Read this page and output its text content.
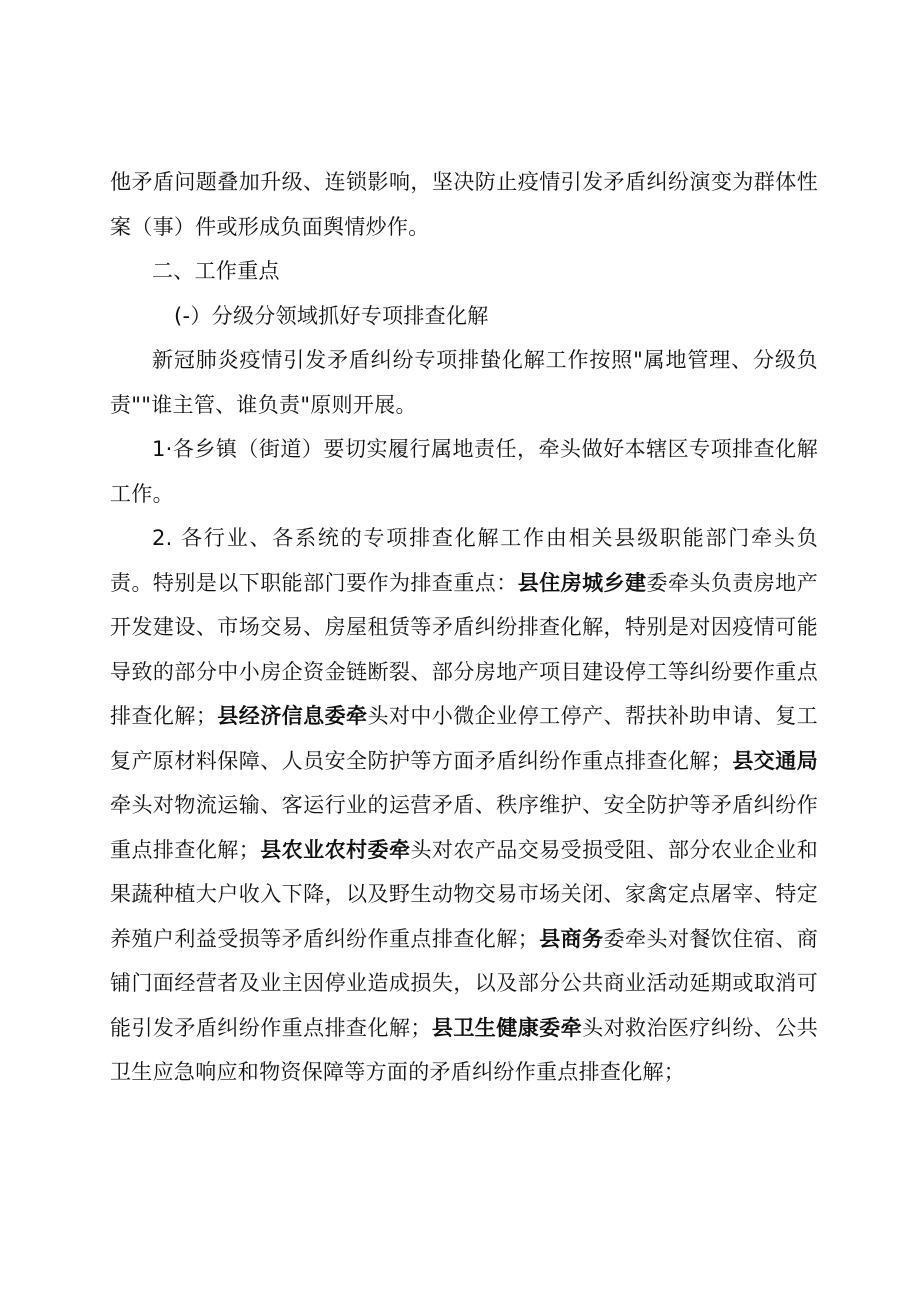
他矛盾问题叠加升级、连锁影响，坚决防止疫情引发矛盾纠纷演变为群体性案（事）件或形成负面舆情炒作。

二、工作重点

(-）分级分领域抓好专项排查化解

新冠肺炎疫情引发矛盾纠纷专项排蛰化解工作按照"属地管理、分级负责""谁主管、谁负责"原则开展。

1·各乡镇（街道）要切实履行属地责任，牵头做好本辖区专项排查化解工作。

2. 各行业、各系统的专项排查化解工作由相关县级职能部门牵头负责。特别是以下职能部门要作为排查重点：县住房城乡建委牵头负责房地产开发建设、市场交易、房屋租赁等矛盾纠纷排查化解，特别是对因疫情可能导致的部分中小房企资金链断裂、部分房地产项目建设停工等纠纷要作重点排查化解；县经济信息委牵头对中小微企业停工停产、帮扶补助申请、复工复产原材料保障、人员安全防护等方面矛盾纠纷作重点排查化解；县交通局牵头对物流运输、客运行业的运营矛盾、秩序维护、安全防护等矛盾纠纷作重点排查化解；县农业农村委牵头对农产品交易受损受阻、部分农业企业和果蔬种植大户收入下降，以及野生动物交易市场关闭、家禽定点屠宰、特定养殖户利益受损等矛盾纠纷作重点排查化解；县商务委牵头对餐饮住宿、商铺门面经营者及业主因停业造成损失，以及部分公共商业活动延期或取消可能引发矛盾纠纷作重点排查化解；县卫生健康委牵头对救治医疗纠纷、公共卫生应急响应和物资保障等方面的矛盾纠纷作重点排查化解；
